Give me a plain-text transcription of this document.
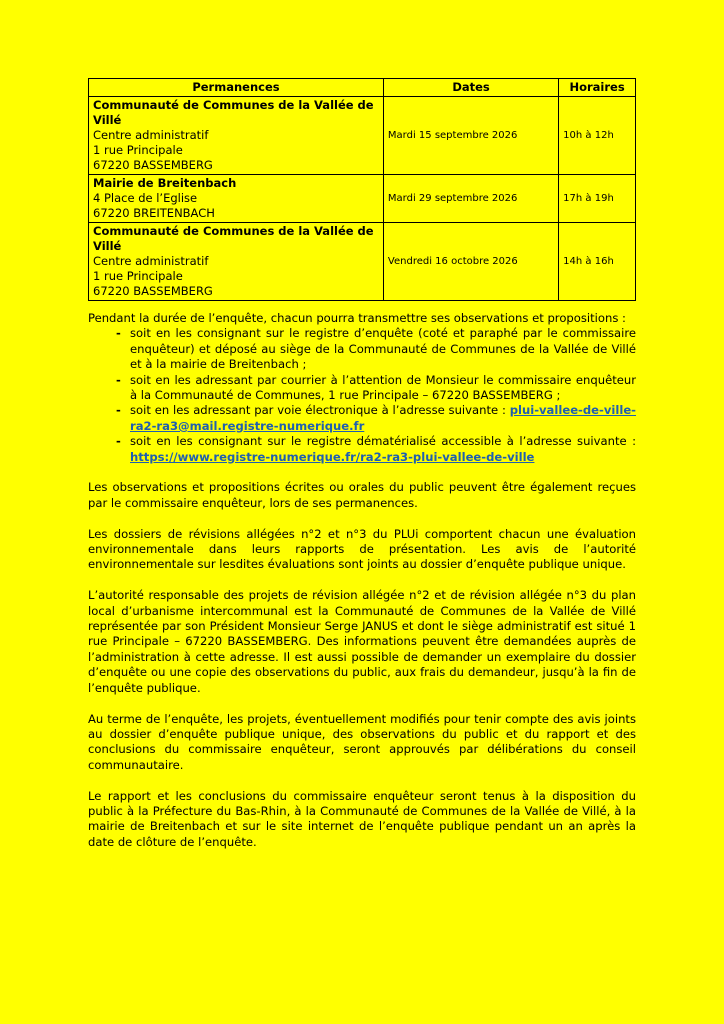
Permanences	Dates	Horaires

Communauté de Communes de la Vallée de Villé
Centre administratif
1 rue Principale
67220 BASSEMBERG	Mardi 15 septembre 2026	10h à 12h

Mairie de Breitenbach
4 Place de l’Eglise
67220 BREITENBACH	Mardi 29 septembre 2026	17h à 19h

Communauté de Communes de la Vallée de Villé
Centre administratif
1 rue Principale
67220 BASSEMBERG	Vendredi 16 octobre 2026	14h à 16h

Pendant la durée de l’enquête, chacun pourra transmettre ses observations et propositions :

- soit en les consignant sur le registre d’enquête (coté et paraphé par le commissaire enquêteur) et déposé au siège de la Communauté de Communes de la Vallée de Villé et à la mairie de Breitenbach ;
- soit en les adressant par courrier à l’attention de Monsieur le commissaire enquêteur à la Communauté de Communes, 1 rue Principale – 67220 BASSEMBERG ;
- soit en les adressant par voie électronique à l’adresse suivante : plui-vallee-de-ville-ra2-ra3@mail.registre-numerique.fr
- soit en les consignant sur le registre dématérialisé accessible à l’adresse suivante : https://www.registre-numerique.fr/ra2-ra3-plui-vallee-de-ville

Les observations et propositions écrites ou orales du public peuvent être également reçues par le commissaire enquêteur, lors de ses permanences.

Les dossiers de révisions allégées n°2 et n°3 du PLUi comportent chacun une évaluation environnementale dans leurs rapports de présentation. Les avis de l’autorité environnementale sur lesdites évaluations sont joints au dossier d’enquête publique unique.

L’autorité responsable des projets de révision allégée n°2 et de révision allégée n°3 du plan local d’urbanisme intercommunal est la Communauté de Communes de la Vallée de Villé représentée par son Président Monsieur Serge JANUS et dont le siège administratif est situé 1 rue Principale – 67220 BASSEMBERG. Des informations peuvent être demandées auprès de l’administration à cette adresse. Il est aussi possible de demander un exemplaire du dossier d’enquête ou une copie des observations du public, aux frais du demandeur, jusqu’à la fin de l’enquête publique.

Au terme de l’enquête, les projets, éventuellement modifiés pour tenir compte des avis joints au dossier d’enquête publique unique, des observations du public et du rapport et des conclusions du commissaire enquêteur, seront approuvés par délibérations du conseil communautaire.

Le rapport et les conclusions du commissaire enquêteur seront tenus à la disposition du public à la Préfecture du Bas-Rhin, à la Communauté de Communes de la Vallée de Villé, à la mairie de Breitenbach et sur le site internet de l’enquête publique pendant un an après la date de clôture de l’enquête.
